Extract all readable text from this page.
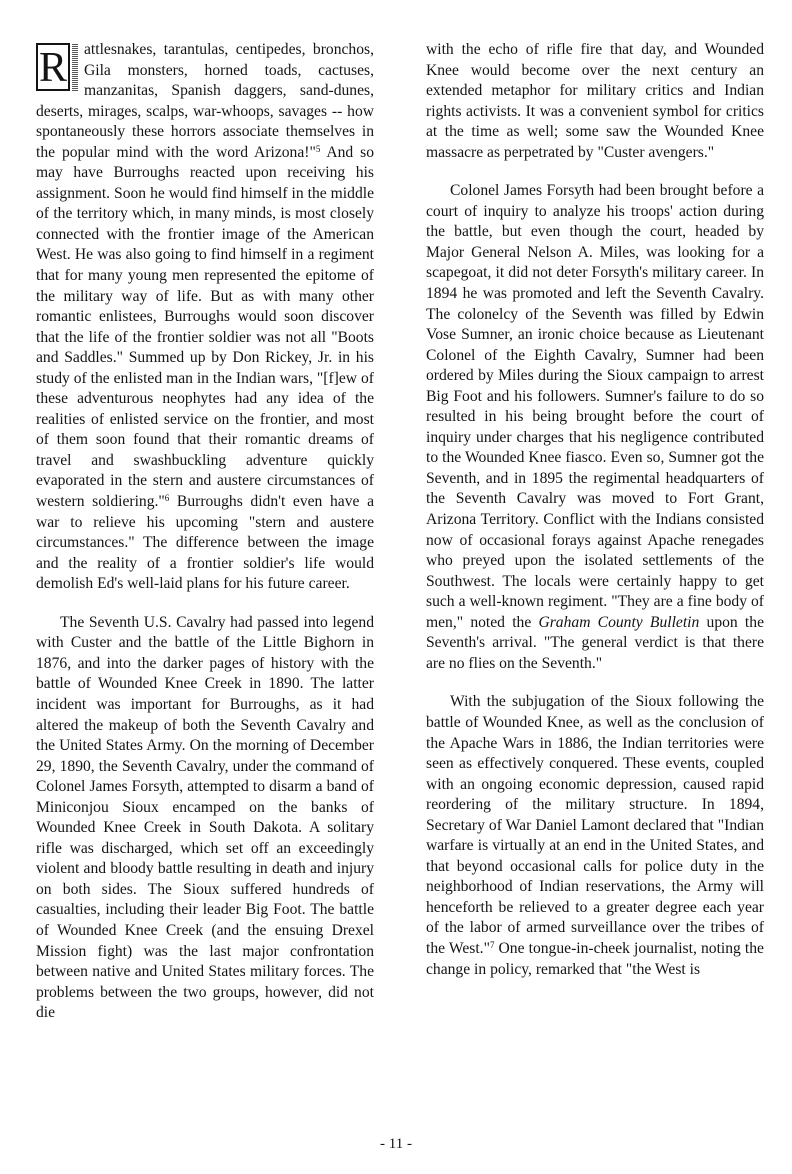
R attlesnakes, tarantulas, centipedes, bronchos, Gila monsters, horned toads, cactuses, manzanitas, Spanish daggers, sand-dunes, deserts, mirages, scalps, war-whoops, savages -- how spontaneously these horrors associate themselves in the popular mind with the word Arizona!"$^5$ And so may have Burroughs reacted upon receiving his assignment. Soon he would find himself in the middle of the territory which, in many minds, is most closely connected with the frontier image of the American West. He was also going to find himself in a regiment that for many young men represented the epitome of the military way of life. But as with many other romantic enlistees, Burroughs would soon discover that the life of the frontier soldier was not all "Boots and Saddles." Summed up by Don Rickey, Jr. in his study of the enlisted man in the Indian wars, "[f]ew of these adventurous neophytes had any idea of the realities of enlisted service on the frontier, and most of them soon found that their romantic dreams of travel and swashbuckling adventure quickly evaporated in the stern and austere circumstances of western soldiering."$^6$ Burroughs didn't even have a war to relieve his upcoming "stern and austere circumstances." The difference between the image and the reality of a frontier soldier's life would demolish Ed's well-laid plans for his future career.

The Seventh U.S. Cavalry had passed into legend with Custer and the battle of the Little Bighorn in 1876, and into the darker pages of history with the battle of Wounded Knee Creek in 1890. The latter incident was important for Burroughs, as it had altered the makeup of both the Seventh Cavalry and the United States Army. On the morning of December 29, 1890, the Seventh Cavalry, under the command of Colonel James Forsyth, attempted to disarm a band of Miniconjou Sioux encamped on the banks of Wounded Knee Creek in South Dakota. A solitary rifle was discharged, which set off an exceedingly violent and bloody battle resulting in death and injury on both sides. The Sioux suffered hundreds of casualties, including their leader Big Foot. The battle of Wounded Knee Creek (and the ensuing Drexel Mission fight) was the last major confrontation between native and United States military forces. The problems between the two groups, however, did not die

with the echo of rifle fire that day, and Wounded Knee would become over the next century an extended metaphor for military critics and Indian rights activists. It was a convenient symbol for critics at the time as well; some saw the Wounded Knee massacre as perpetrated by "Custer avengers."

Colonel James Forsyth had been brought before a court of inquiry to analyze his troops' action during the battle, but even though the court, headed by Major General Nelson A. Miles, was looking for a scapegoat, it did not deter Forsyth's military career. In 1894 he was promoted and left the Seventh Cavalry. The colonelcy of the Seventh was filled by Edwin Vose Sumner, an ironic choice because as Lieutenant Colonel of the Eighth Cavalry, Sumner had been ordered by Miles during the Sioux campaign to arrest Big Foot and his followers. Sumner's failure to do so resulted in his being brought before the court of inquiry under charges that his negligence contributed to the Wounded Knee fiasco. Even so, Sumner got the Seventh, and in 1895 the regimental headquarters of the Seventh Cavalry was moved to Fort Grant, Arizona Territory. Conflict with the Indians consisted now of occasional forays against Apache renegades who preyed upon the isolated settlements of the Southwest. The locals were certainly happy to get such a well-known regiment. "They are a fine body of men," noted the Graham County Bulletin upon the Seventh's arrival. "The general verdict is that there are no flies on the Seventh."

With the subjugation of the Sioux following the battle of Wounded Knee, as well as the conclusion of the Apache Wars in 1886, the Indian territories were seen as effectively conquered. These events, coupled with an ongoing economic depression, caused rapid reordering of the military structure. In 1894, Secretary of War Daniel Lamont declared that "Indian warfare is virtually at an end in the United States, and that beyond occasional calls for police duty in the neighborhood of Indian reservations, the Army will henceforth be relieved to a greater degree each year of the labor of armed surveillance over the tribes of the West."$^7$ One tongue-in-cheek journalist, noting the change in policy, remarked that "the West is

- 11 -
